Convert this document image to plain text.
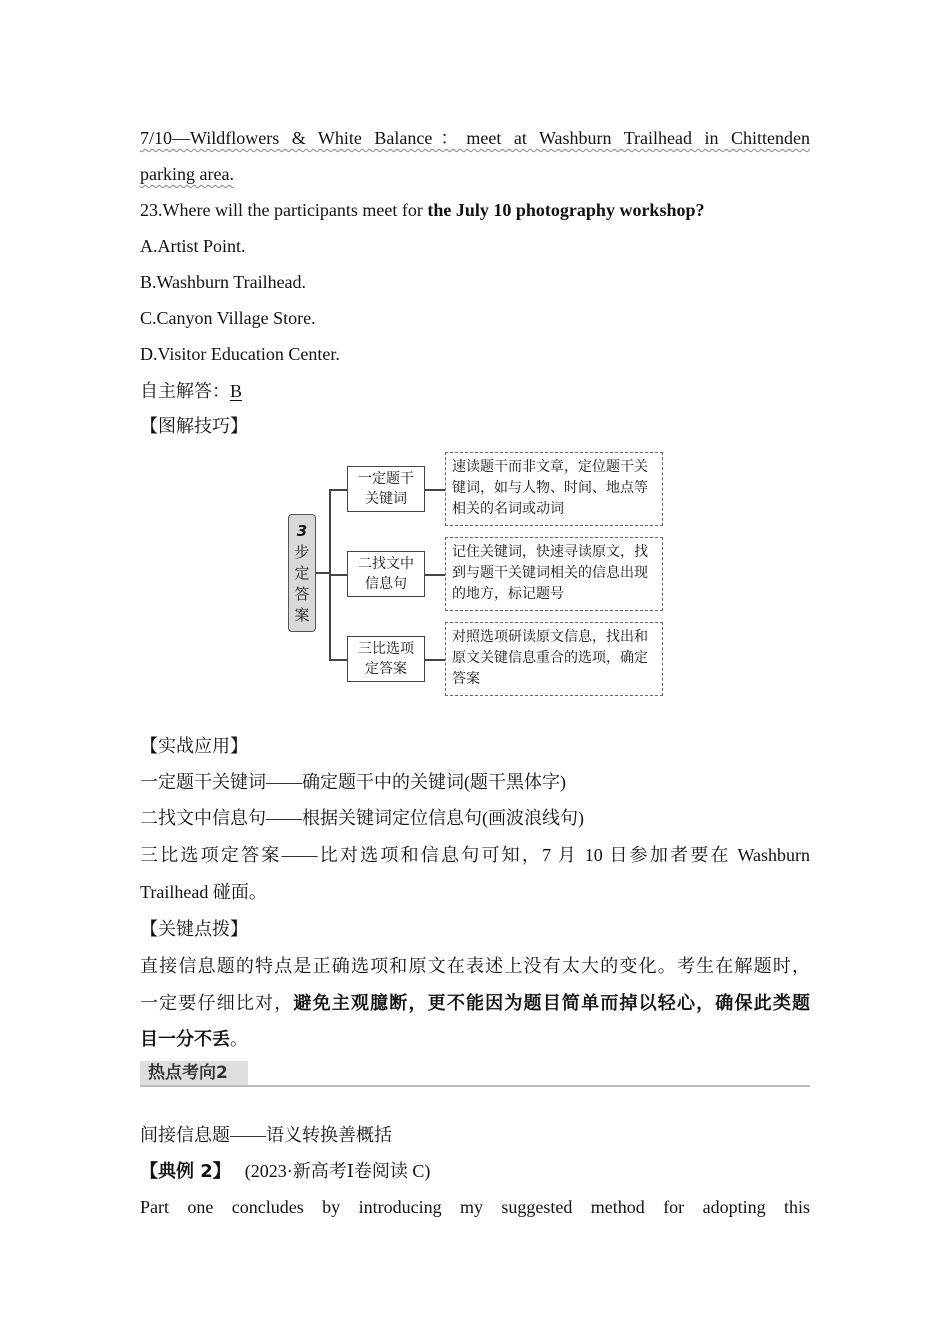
7/10—Wildflowers & White Balance：meet at Washburn Trailhead in Chittenden
parking area.
23.Where will the participants meet for the July 10 photography workshop?
A.Artist Point.
B.Washburn Trailhead.
C.Canyon Village Store.
D.Visitor Education Center.
自主解答：B
【图解技巧】
3
步
定
答
案
一定题干
关键词
二找文中
信息句
三比选项
定答案
速读题干而非文章，定位题干关键词，如与人物、时间、地点等相关的名词或动词
记住关键词，快速寻读原文，找到与题干关键词相关的信息出现的地方，标记题号
对照选项研读原文信息，找出和原文关键信息重合的选项，确定答案
【实战应用】
一定题干关键词——确定题干中的关键词(题干黑体字)
二找文中信息句——根据关键词定位信息句(画波浪线句)
三比选项定答案——比对选项和信息句可知，7 月 10 日参加者要在 Washburn
Trailhead 碰面。
【关键点拨】
直接信息题的特点是正确选项和原文在表述上没有太大的变化。考生在解题时，
一定要仔细比对，避免主观臆断，更不能因为题目简单而掉以轻心，确保此类题
目一分不丢。
热点考向2
间接信息题——语义转换善概括
【典例 2】 (2023·新高考Ⅰ卷阅读 C)
Part one concludes by introducing my suggested method for adopting this
